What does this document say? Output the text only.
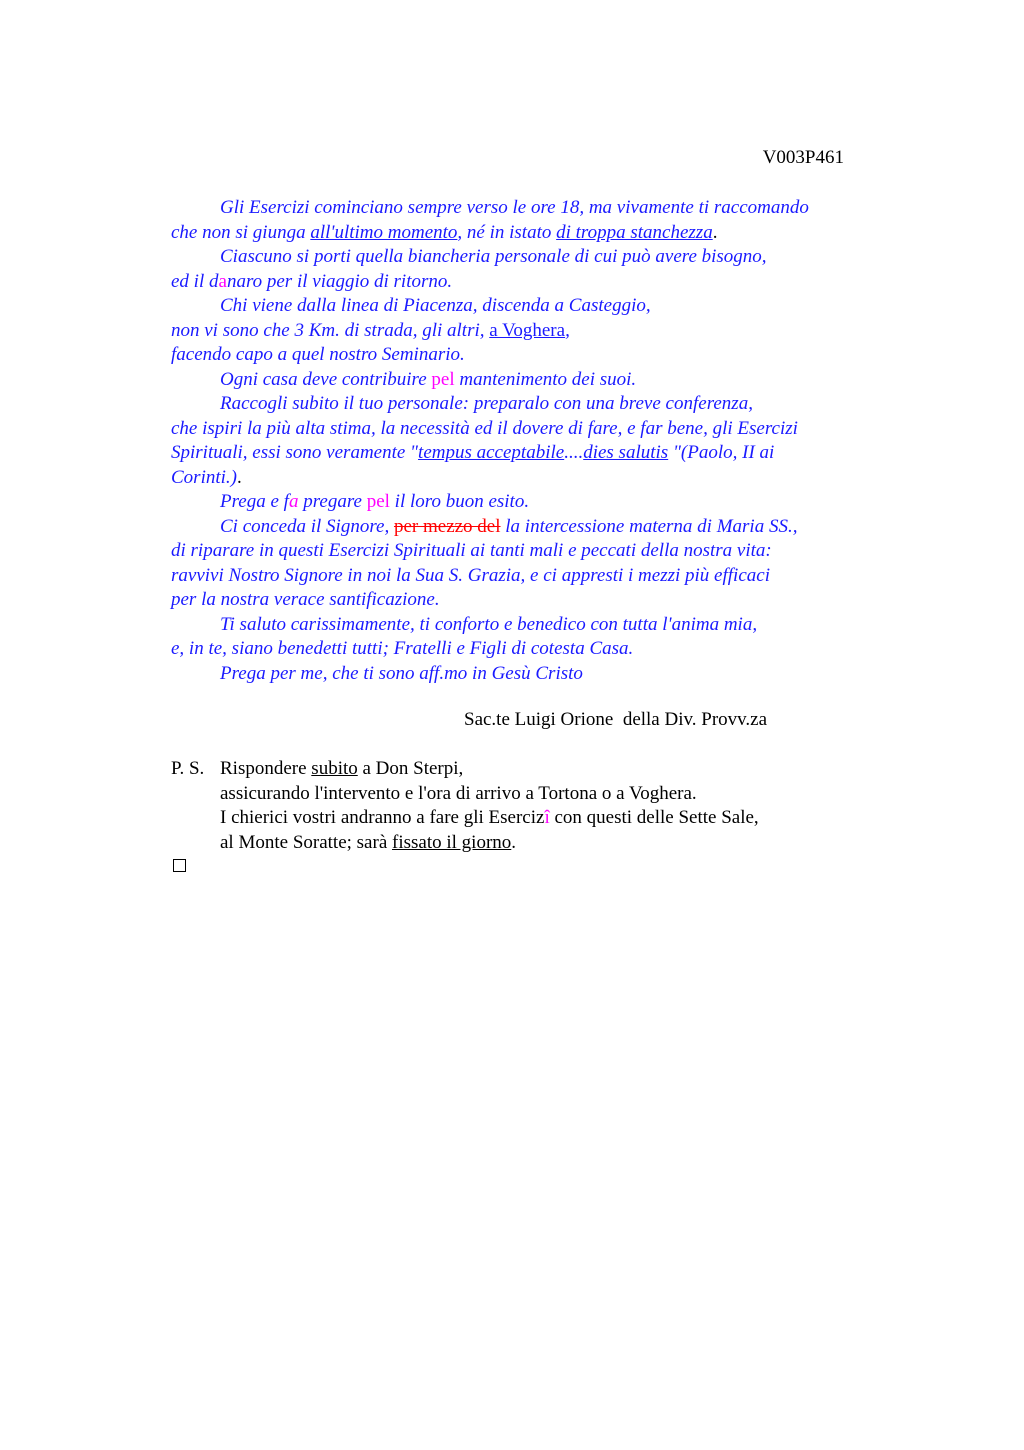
V003P461

Gli Esercizi cominciano sempre verso le ore 18, ma vivamente ti raccomando

che non si giunga all'ultimo momento, né in istato di troppa stanchezza.

Ciascuno si porti quella biancheria personale di cui può avere bisogno,

ed il danaro per il viaggio di ritorno.

Chi viene dalla linea di Piacenza, discenda a Casteggio,

non vi sono che 3 Km. di strada, gli altri, a Voghera,

facendo capo a quel nostro Seminario.

Ogni casa deve contribuire pel mantenimento dei suoi.

Raccogli subito il tuo personale: preparalo con una breve conferenza,

che ispiri la più alta stima, la necessità ed il dovere di fare, e far bene, gli Esercizi

Spirituali, essi sono veramente "tempus acceptabile....dies salutis "(Paolo, II ai

Corinti.).

Prega e fa pregare pel il loro buon esito.

Ci conceda il Signore, per mezzo del la intercessione materna di Maria SS.,

di riparare in questi Esercizi Spirituali ai tanti mali e peccati della nostra vita:

ravvivi Nostro Signore in noi la Sua S. Grazia, e ci appresti i mezzi più efficaci

per la nostra verace santificazione.

Ti saluto carissimamente, ti conforto e benedico con tutta l'anima mia,

e, in te, siano benedetti tutti; Fratelli e Figli di cotesta Casa.

Prega per me, che ti sono aff.mo in Gesù Cristo

Sac.te Luigi Orione  della Div. Provv.za

P. S. Rispondere subito a Don Sterpi,

assicurando l'intervento e l'ora di arrivo a Tortona o a Voghera.

I chierici vostri andranno a fare gli Esercizî con questi delle Sette Sale,

al Monte Soratte; sarà fissato il giorno.
